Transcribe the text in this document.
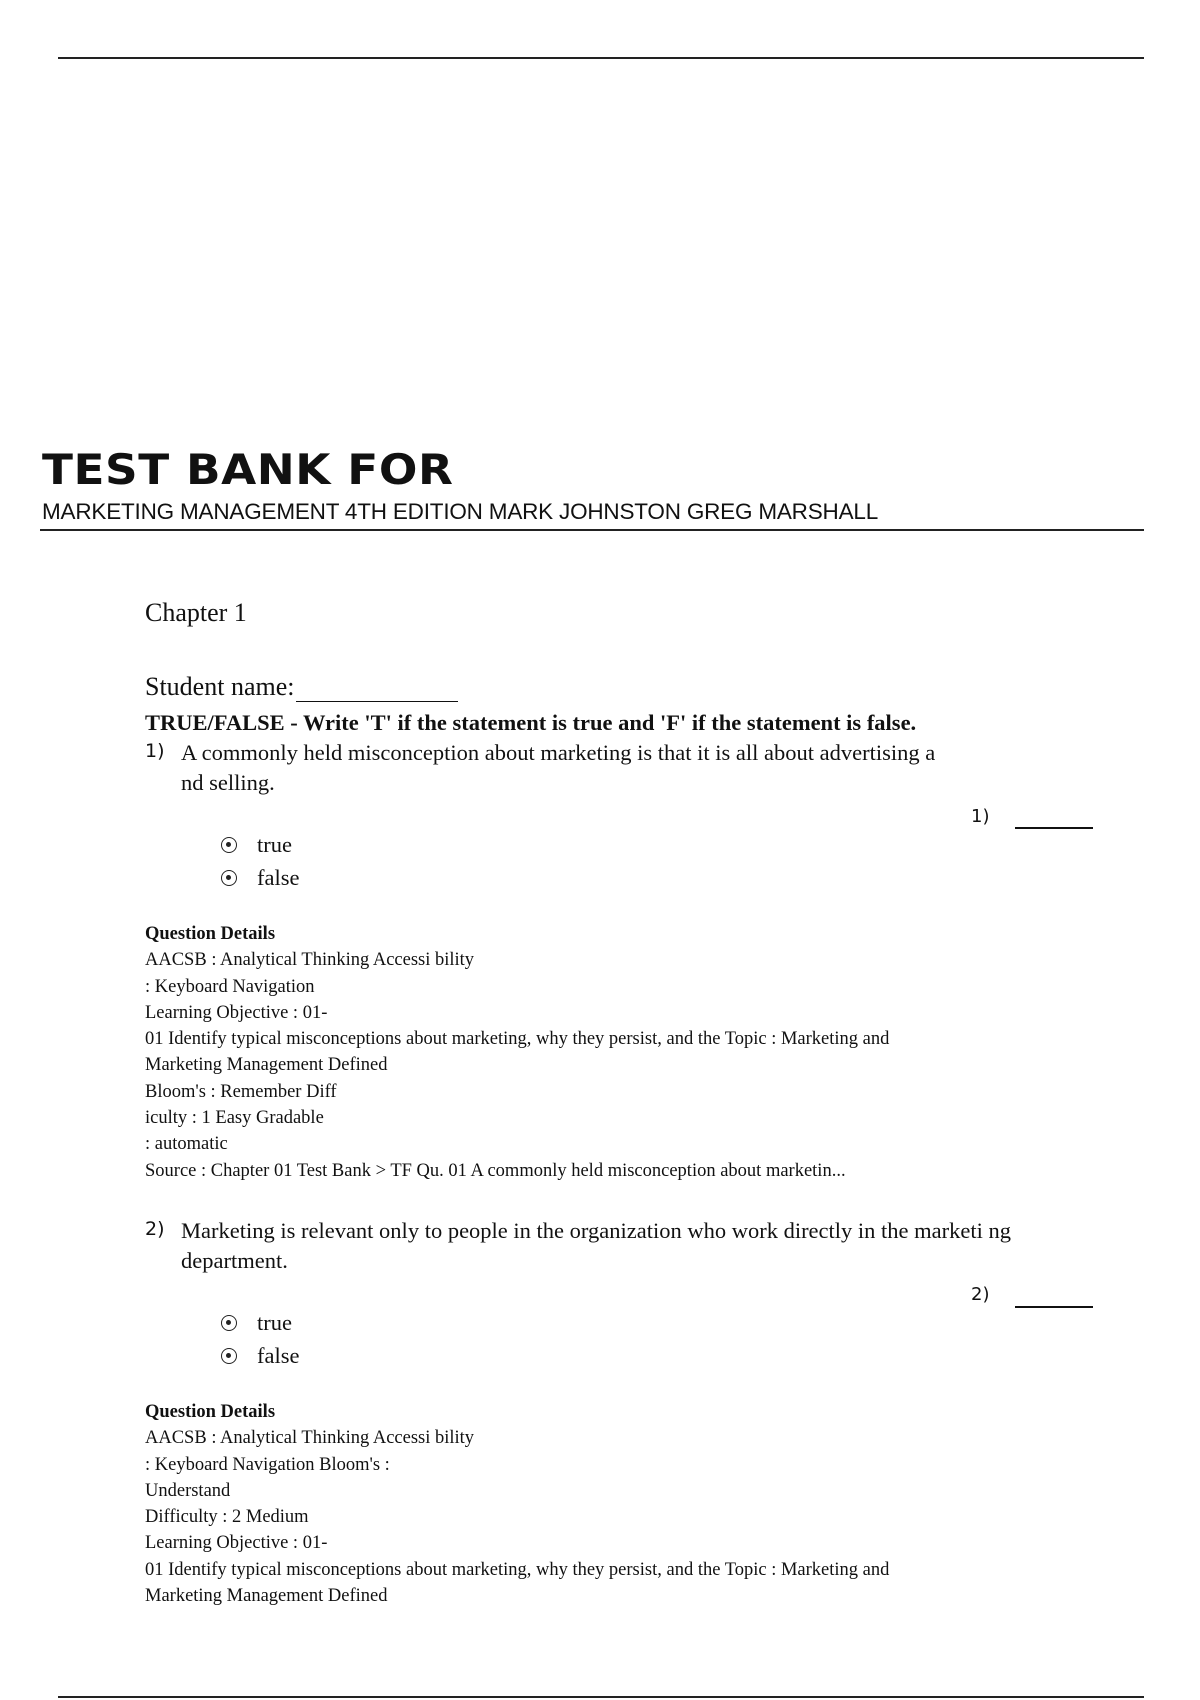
TEST BANK FOR
MARKETING MANAGEMENT 4TH EDITION MARK JOHNSTON GREG MARSHALL
Chapter 1
Student name:
TRUE/FALSE - Write 'T' if the statement is true and 'F' if the statement is false.
1) A commonly held misconception about marketing is that it is all about advertising a
nd selling.
1)
true
false
Question Details
AACSB : Analytical Thinking Accessi bility
: Keyboard Navigation
Learning Objective : 01-
01 Identify typical misconceptions about marketing, why they persist, and the Topic : Marketing and
Marketing Management Defined
Bloom's : Remember Diff
iculty : 1 Easy Gradable
: automatic
Source : Chapter 01 Test Bank > TF Qu. 01 A commonly held misconception about marketin...
2) Marketing is relevant only to people in the organization who work directly in the marketi ng
department.
2)
true
false
Question Details
AACSB : Analytical Thinking Accessi bility
: Keyboard Navigation Bloom's :
Understand
Difficulty : 2 Medium
Learning Objective : 01-
01 Identify typical misconceptions about marketing, why they persist, and the Topic : Marketing and
Marketing Management Defined
